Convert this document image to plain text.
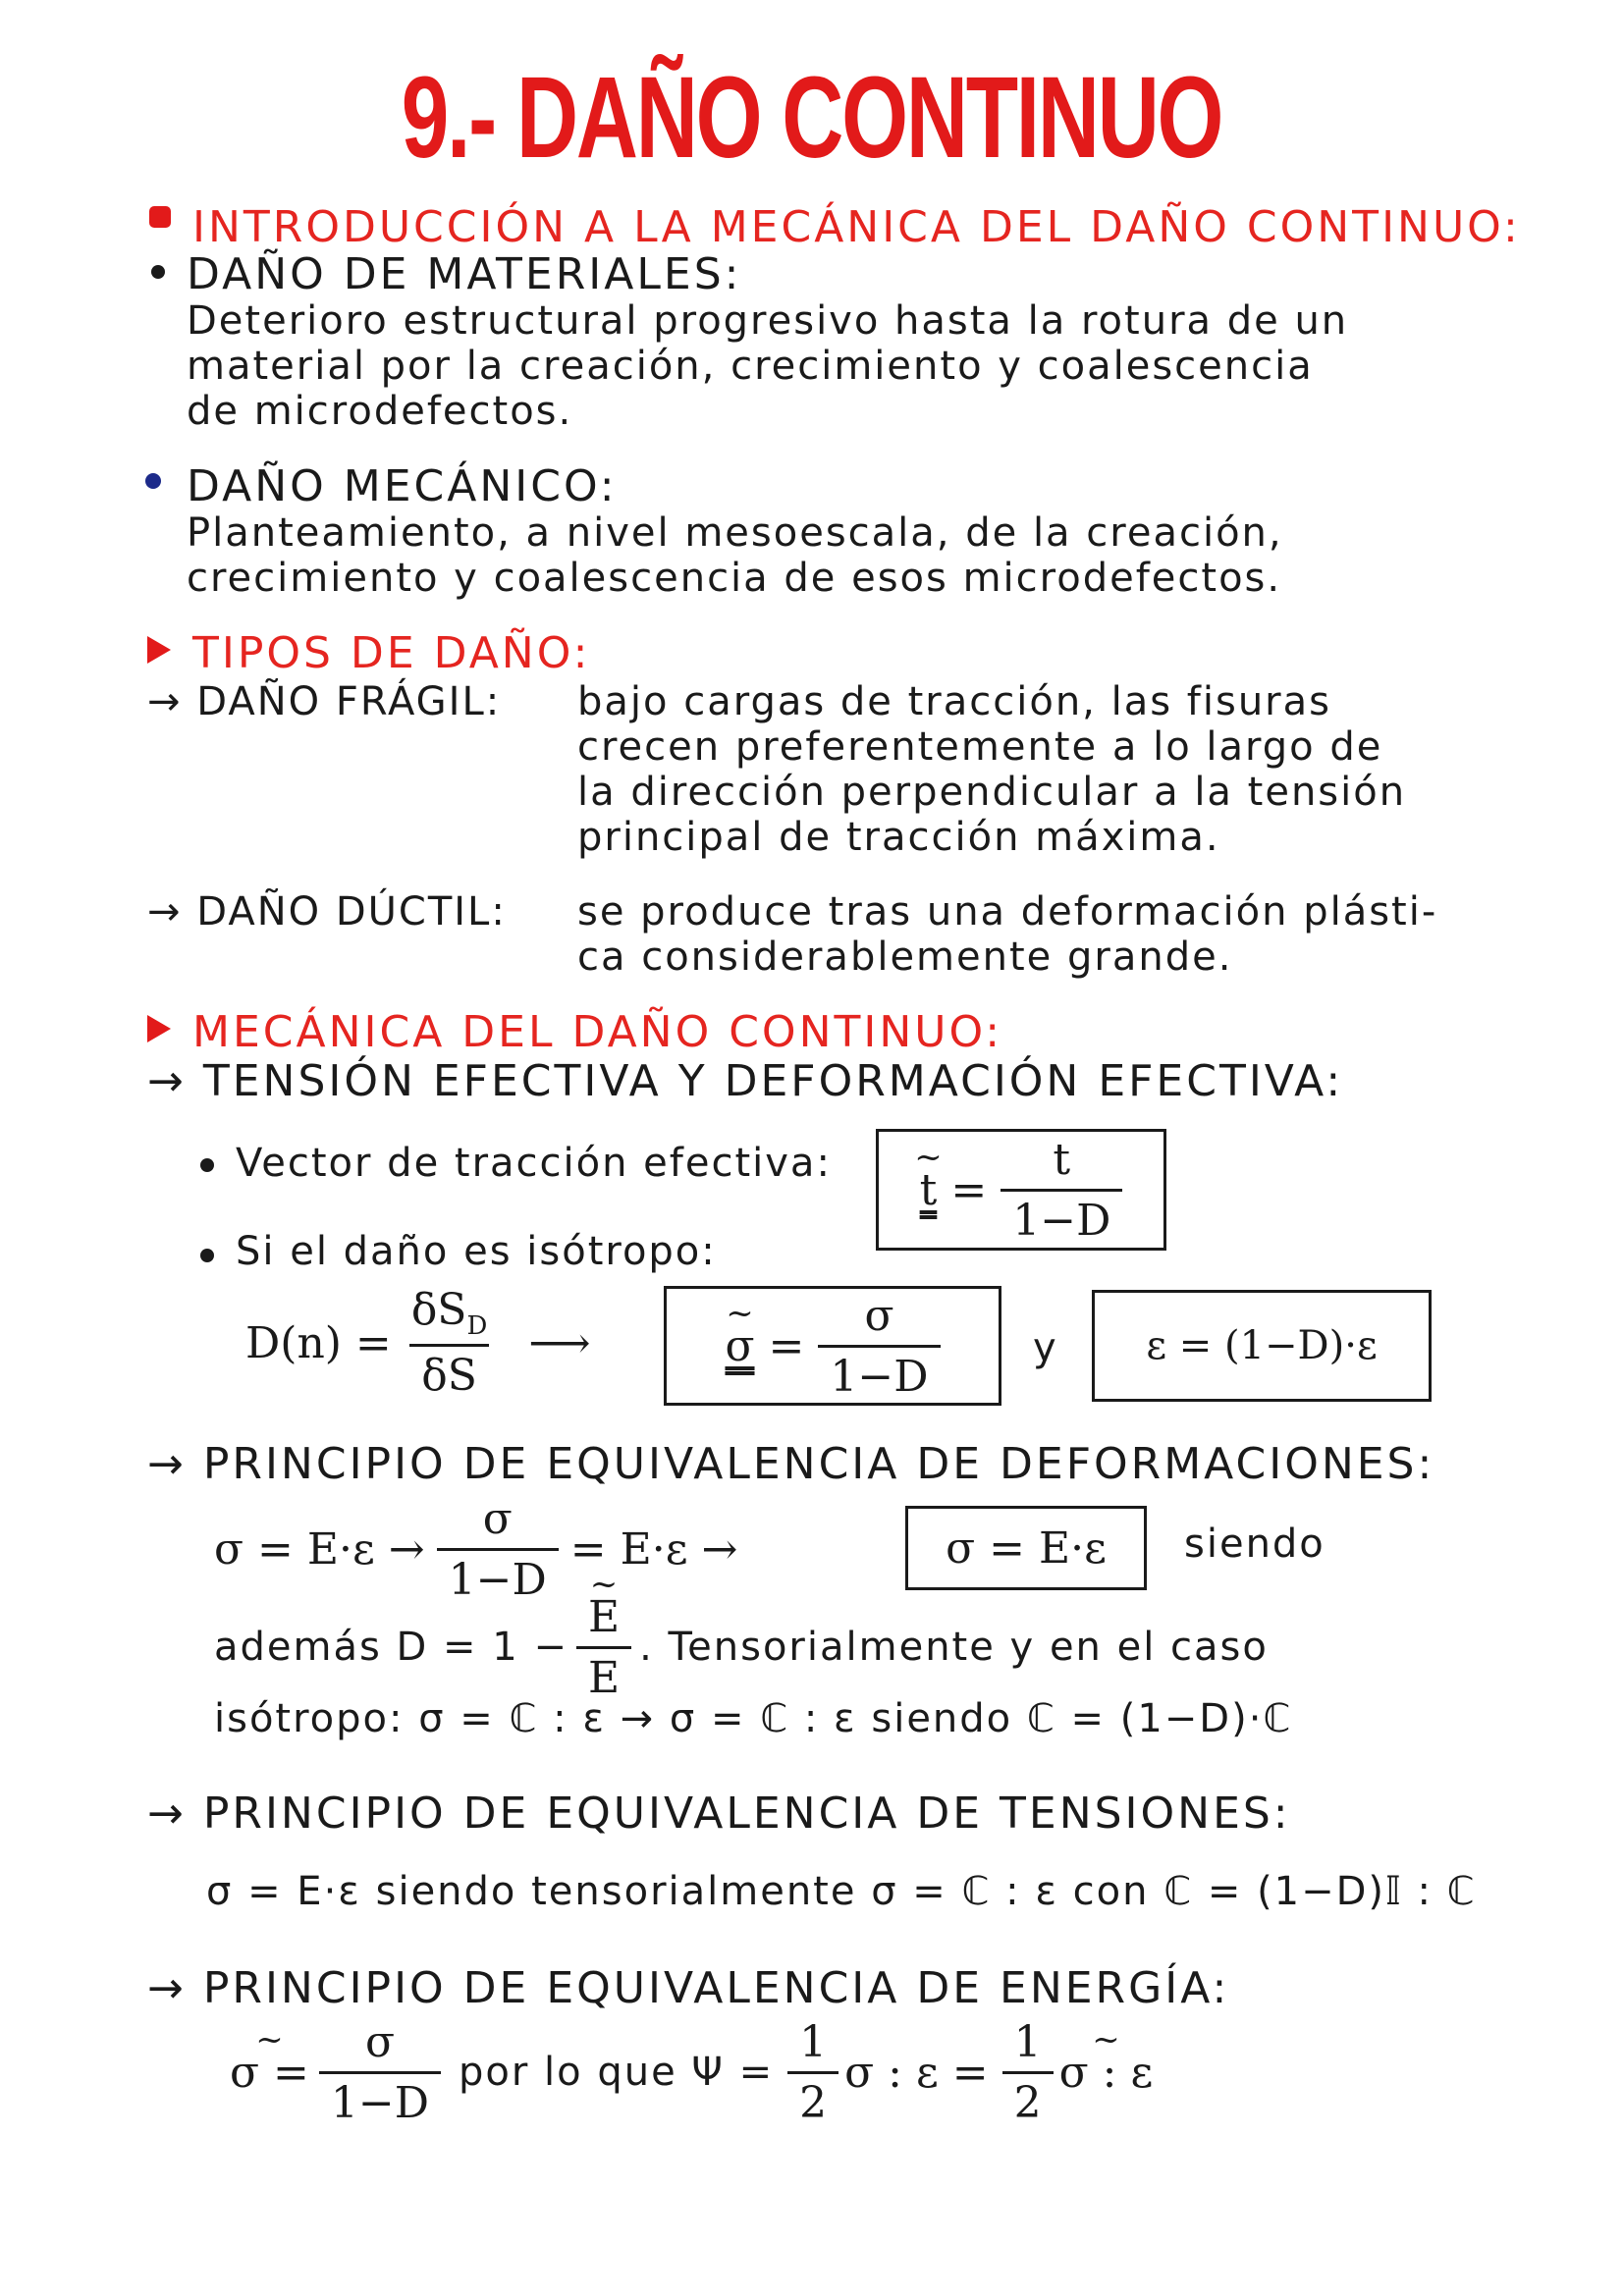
9.- DAÑO CONTINUO
INTRODUCCIÓN A LA MECÁNICA DEL DAÑO CONTINUO:
DAÑO DE MATERIALES:
Deterioro estructural progresivo hasta la rotura de un
material por la creación, crecimiento y coalescencia
de microdefectos.
DAÑO MECÁNICO:
Planteamiento, a nivel mesoescala, de la creación,
crecimiento y coalescencia de esos microdefectos.
TIPOS DE DAÑO:
→ DAÑO FRÁGIL: bajo cargas de tracción, las fisuras
crecen preferentemente a lo largo de
la dirección perpendicular a la tensión
principal de tracción máxima.
→ DAÑO DÚCTIL: se produce tras una deformación plásti-
ca considerablemente grande.
MECÁNICA DEL DAÑO CONTINUO:
→ TENSIÓN EFECTIVA Y DEFORMACIÓN EFECTIVA:
Vector de tracción efectiva:
~ $t = \frac{t}{1-D}$
Si el daño es isótropo:
$D(n) = \frac{\delta S_D}{\delta S}$ ⟶	~ $\sigma = \frac{\sigma}{1-D}$ y	ε = (1−D)·ε
→ PRINCIPIO DE EQUIVALENCIA DE DEFORMACIONES:
$\sigma = E\cdot\varepsilon \to \frac{\sigma}{1-D} = E\cdot\varepsilon$ →	σ = E·ε	siendo
además D = 1 − ~ $\frac{E}{E}$ . Tensorialmente y en el caso
isótropo: σ = ℂ : ε → σ = ℂ : ε siendo ℂ = (1−D)·ℂ
→ PRINCIPIO DE EQUIVALENCIA DE TENSIONES:
σ = E·ε siendo tensorialmente σ = ℂ : ε con ℂ = (1−D)𝕀 : ℂ
→ PRINCIPIO DE EQUIVALENCIA DE ENERGÍA:
~ $\sigma = \frac{\sigma}{1-D}$ por lo que $\Psi = \frac{1}{2}$ σ : $\varepsilon = \frac{1}{2}$ ~ σ : ε
